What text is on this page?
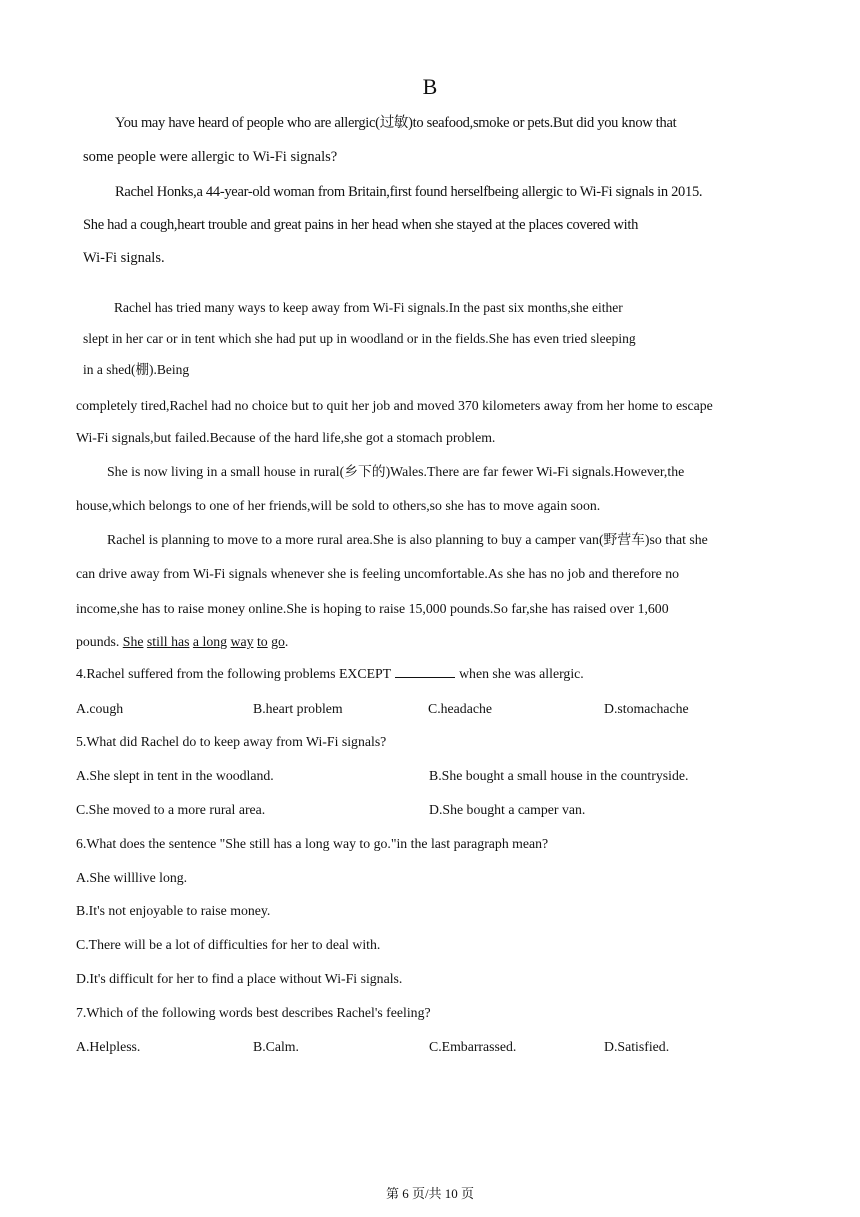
B
You may have heard of people who are allergic(过敏)to seafood,smoke or pets.But did you know that
some people were allergic to Wi-Fi signals?
Rachel Honks,a 44-year-old woman from Britain,first found herselfbeing allergic to Wi-Fi signals in 2015.
She had a cough,heart trouble and great pains in her head when she stayed at the places covered with
Wi-Fi signals.
Rachel has tried many ways to keep away from Wi-Fi signals.In the past six months,she either
slept in her car or in tent which she had put up in woodland or in the fields.She has even tried sleeping
in a shed(棚).Being
completely tired,Rachel had no choice but to quit her job and moved 370 kilometers away from her home to escape
Wi-Fi signals,but failed.Because of the hard life,she got a stomach problem.
She is now living in a small house in rural(乡下的)Wales.There are far fewer Wi-Fi signals.However,the
house,which belongs to one of her friends,will be sold to others,so she has to move again soon.
Rachel is planning to move to a more rural area.She is also planning to buy a camper van(野营车)so that she
can drive away from Wi-Fi signals whenever she is feeling uncomfortable.As she has no job and therefore no
income,she has to raise money online.She is hoping to raise 15,000 pounds.So far,she has raised over 1,600
pounds. She still has a long way to go.
4.Rachel suffered from the following problems EXCEPT	when she was allergic.
A.cough	B.heart problem	C.headache	D.stomachache
5.What did Rachel do to keep away from Wi-Fi signals?
A.She slept in tent in the woodland.	B.She bought a small house in the countryside.
C.She moved to a more rural area.	D.She bought a camper van.
6.What does the sentence "She still has a long way to go."in the last paragraph mean?
A.She willlive long.
B.It's not enjoyable to raise money.
C.There will be a lot of difficulties for her to deal with.
D.It's difficult for her to find a place without Wi-Fi signals.
7.Which of the following words best describes Rachel's feeling?
A.Helpless.	B.Calm.	C.Embarrassed.	D.Satisfied.
第 6 页/共 10 页
